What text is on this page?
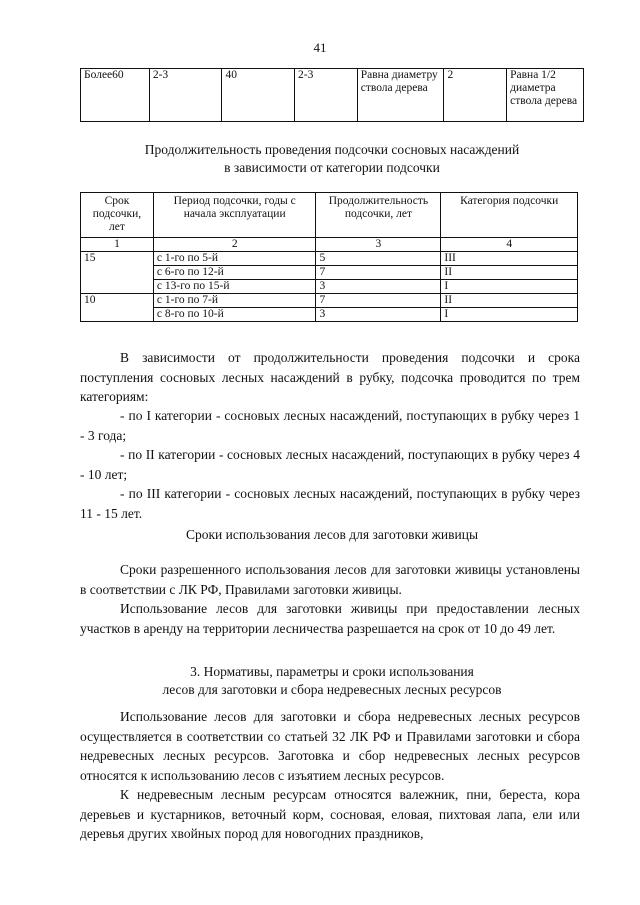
41
Более60	2-3	40	2-3	Равна диаметру ствола дерева	2	Равна 1/2 диаметра ствола дерева
Продолжительность проведения подсочки сосновых насаждений
в зависимости от категории подсочки
Срок подсочки, лет	Период подсочки, годы с начала эксплуатации	Продолжительность подсочки, лет	Категория подсочки
1	2	3	4
15	с 1-го по 5-й	5	III
	с 6-го по 12-й	7	II
	с 13-го по 15-й	3	I
10	с 1-го по 7-й	7	II
	с 8-го по 10-й	3	I
В зависимости от продолжительности проведения подсочки и срока поступления сосновых лесных насаждений в рубку, подсочка проводится по трем категориям:
- по I категории - сосновых лесных насаждений, поступающих в рубку через 1 - 3 года;
- по II категории - сосновых лесных насаждений, поступающих в рубку через 4 - 10 лет;
- по III категории - сосновых лесных насаждений, поступающих в рубку через 11 - 15 лет.
Сроки использования лесов для заготовки живицы
Сроки разрешенного использования лесов для заготовки живицы установлены в соответствии с ЛК РФ, Правилами заготовки живицы.
Использование лесов для заготовки живицы при предоставлении лесных участков в аренду на территории лесничества разрешается на срок от 10 до 49 лет.
3. Нормативы, параметры и сроки использования
лесов для заготовки и сбора недревесных лесных ресурсов
Использование лесов для заготовки и сбора недревесных лесных ресурсов осуществляется в соответствии со статьей 32 ЛК РФ и Правилами заготовки и сбора недревесных лесных ресурсов. Заготовка и сбор недревесных лесных ресурсов относятся к использованию лесов с изъятием лесных ресурсов.
К недревесным лесным ресурсам относятся валежник, пни, береста, кора деревьев и кустарников, веточный корм, сосновая, еловая, пихтовая лапа, ели или деревья других хвойных пород для новогодних праздников,
